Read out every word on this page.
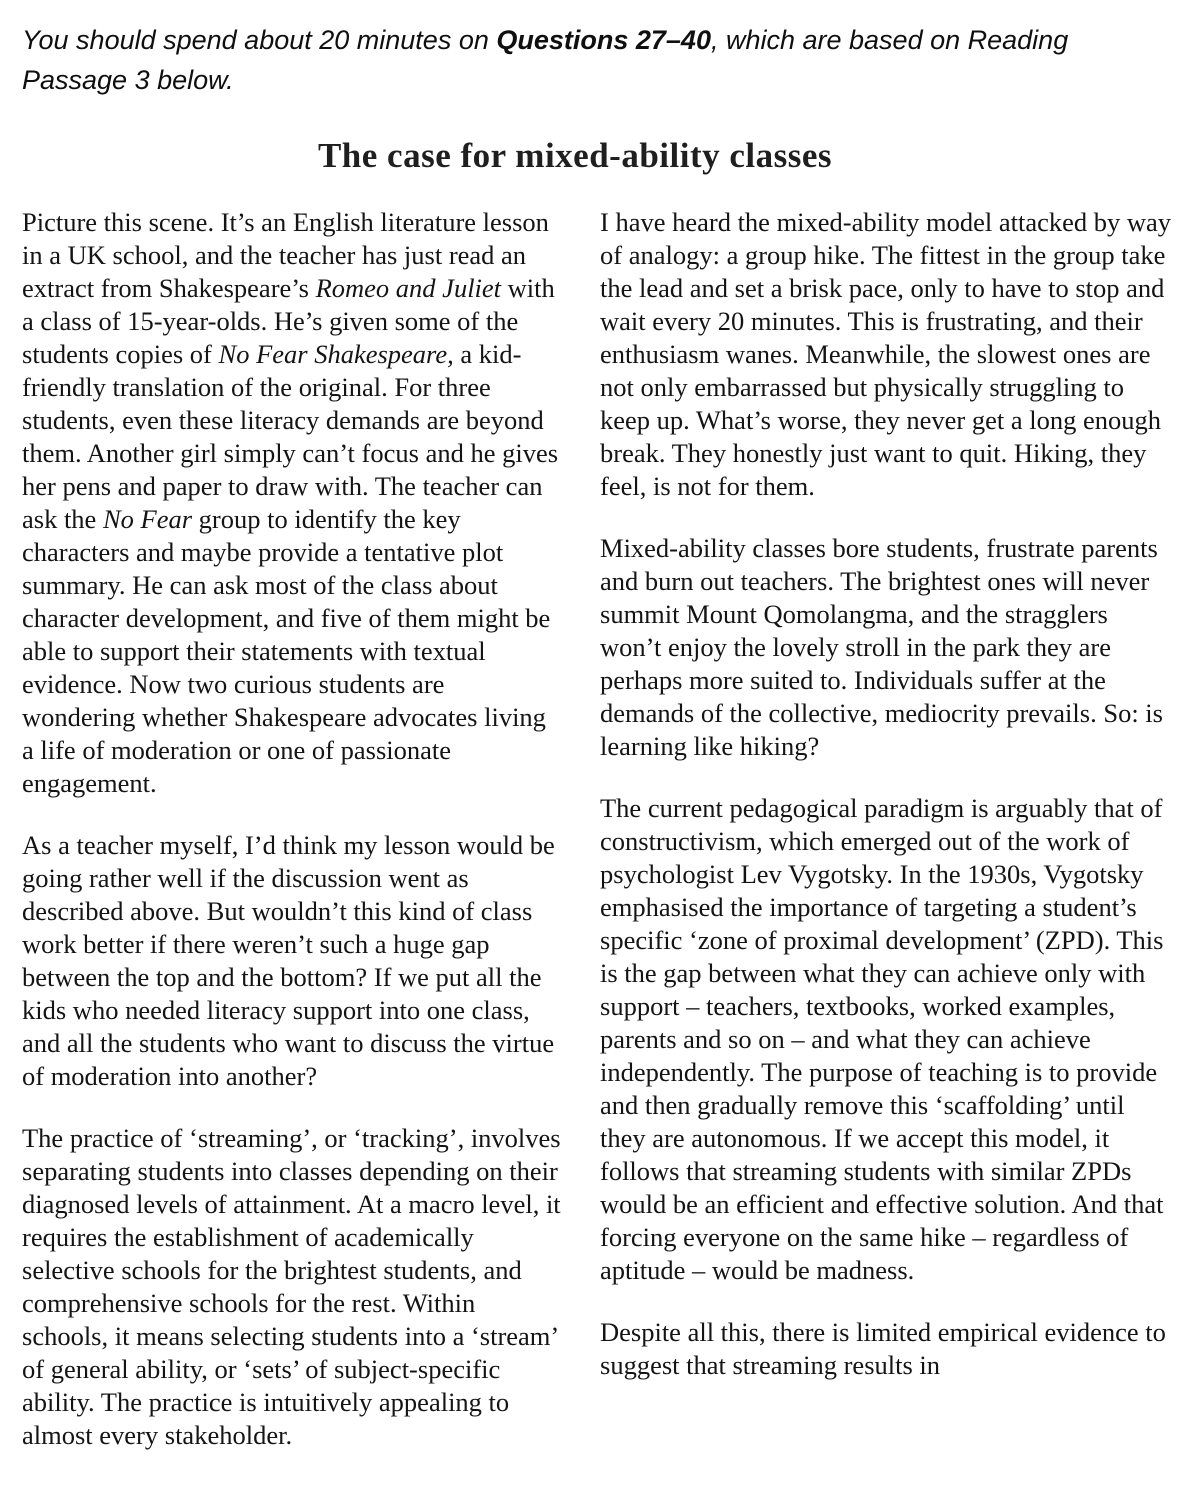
You should spend about 20 minutes on Questions 27–40, which are based on Reading Passage 3 below.

The case for mixed-ability classes

Picture this scene. It’s an English literature lesson in a UK school, and the teacher has just read an extract from Shakespeare’s Romeo and Juliet with a class of 15-year-olds. He’s given some of the students copies of No Fear Shakespeare, a kid-friendly translation of the original. For three students, even these literacy demands are beyond them. Another girl simply can’t focus and he gives her pens and paper to draw with. The teacher can ask the No Fear group to identify the key characters and maybe provide a tentative plot summary. He can ask most of the class about character development, and five of them might be able to support their statements with textual evidence. Now two curious students are wondering whether Shakespeare advocates living a life of moderation or one of passionate engagement.

As a teacher myself, I’d think my lesson would be going rather well if the discussion went as described above. But wouldn’t this kind of class work better if there weren’t such a huge gap between the top and the bottom? If we put all the kids who needed literacy support into one class, and all the students who want to discuss the virtue of moderation into another?

The practice of ‘streaming’, or ‘tracking’, involves separating students into classes depending on their diagnosed levels of attainment. At a macro level, it requires the establishment of academically selective schools for the brightest students, and comprehensive schools for the rest. Within schools, it means selecting students into a ‘stream’ of general ability, or ‘sets’ of subject-specific ability. The practice is intuitively appealing to almost every stakeholder.

I have heard the mixed-ability model attacked by way of analogy: a group hike. The fittest in the group take the lead and set a brisk pace, only to have to stop and wait every 20 minutes. This is frustrating, and their enthusiasm wanes. Meanwhile, the slowest ones are not only embarrassed but physically struggling to keep up. What’s worse, they never get a long enough break. They honestly just want to quit. Hiking, they feel, is not for them.

Mixed-ability classes bore students, frustrate parents and burn out teachers. The brightest ones will never summit Mount Qomolangma, and the stragglers won’t enjoy the lovely stroll in the park they are perhaps more suited to. Individuals suffer at the demands of the collective, mediocrity prevails. So: is learning like hiking?

The current pedagogical paradigm is arguably that of constructivism, which emerged out of the work of psychologist Lev Vygotsky. In the 1930s, Vygotsky emphasised the importance of targeting a student’s specific ‘zone of proximal development’ (ZPD). This is the gap between what they can achieve only with support – teachers, textbooks, worked examples, parents and so on – and what they can achieve independently. The purpose of teaching is to provide and then gradually remove this ‘scaffolding’ until they are autonomous. If we accept this model, it follows that streaming students with similar ZPDs would be an efficient and effective solution. And that forcing everyone on the same hike – regardless of aptitude – would be madness.

Despite all this, there is limited empirical evidence to suggest that streaming results in
